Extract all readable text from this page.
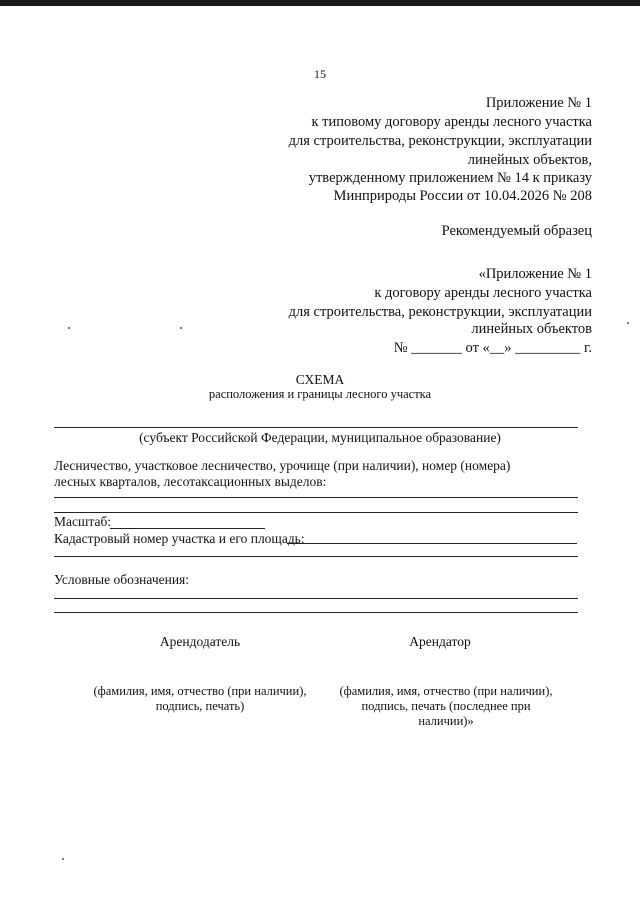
15
Приложение № 1
к типовому договору аренды лесного участка
для строительства, реконструкции, эксплуатации
линейных объектов,
утвержденному приложением № 14 к приказу
Минприроды России от 10.04.2026 № 208
Рекомендуемый образец
«Приложение № 1
к договору аренды лесного участка
для строительства, реконструкции, эксплуатации
линейных объектов
№ _______ от «__» _________ г.
СХЕМА
расположения и границы лесного участка
(субъект Российской Федерации, муниципальное образование)
Лесничество, участковое лесничество, урочище (при наличии), номер (номера)
лесных кварталов, лесотаксационных выделов:
Масштаб:
Кадастровый номер участка и его площадь:
Условные обозначения:
Арендодатель	Арендатор
(фамилия, имя, отчество (при наличии),
подпись, печать)
(фамилия, имя, отчество (при наличии),
подпись, печать (последнее при
наличии)»
